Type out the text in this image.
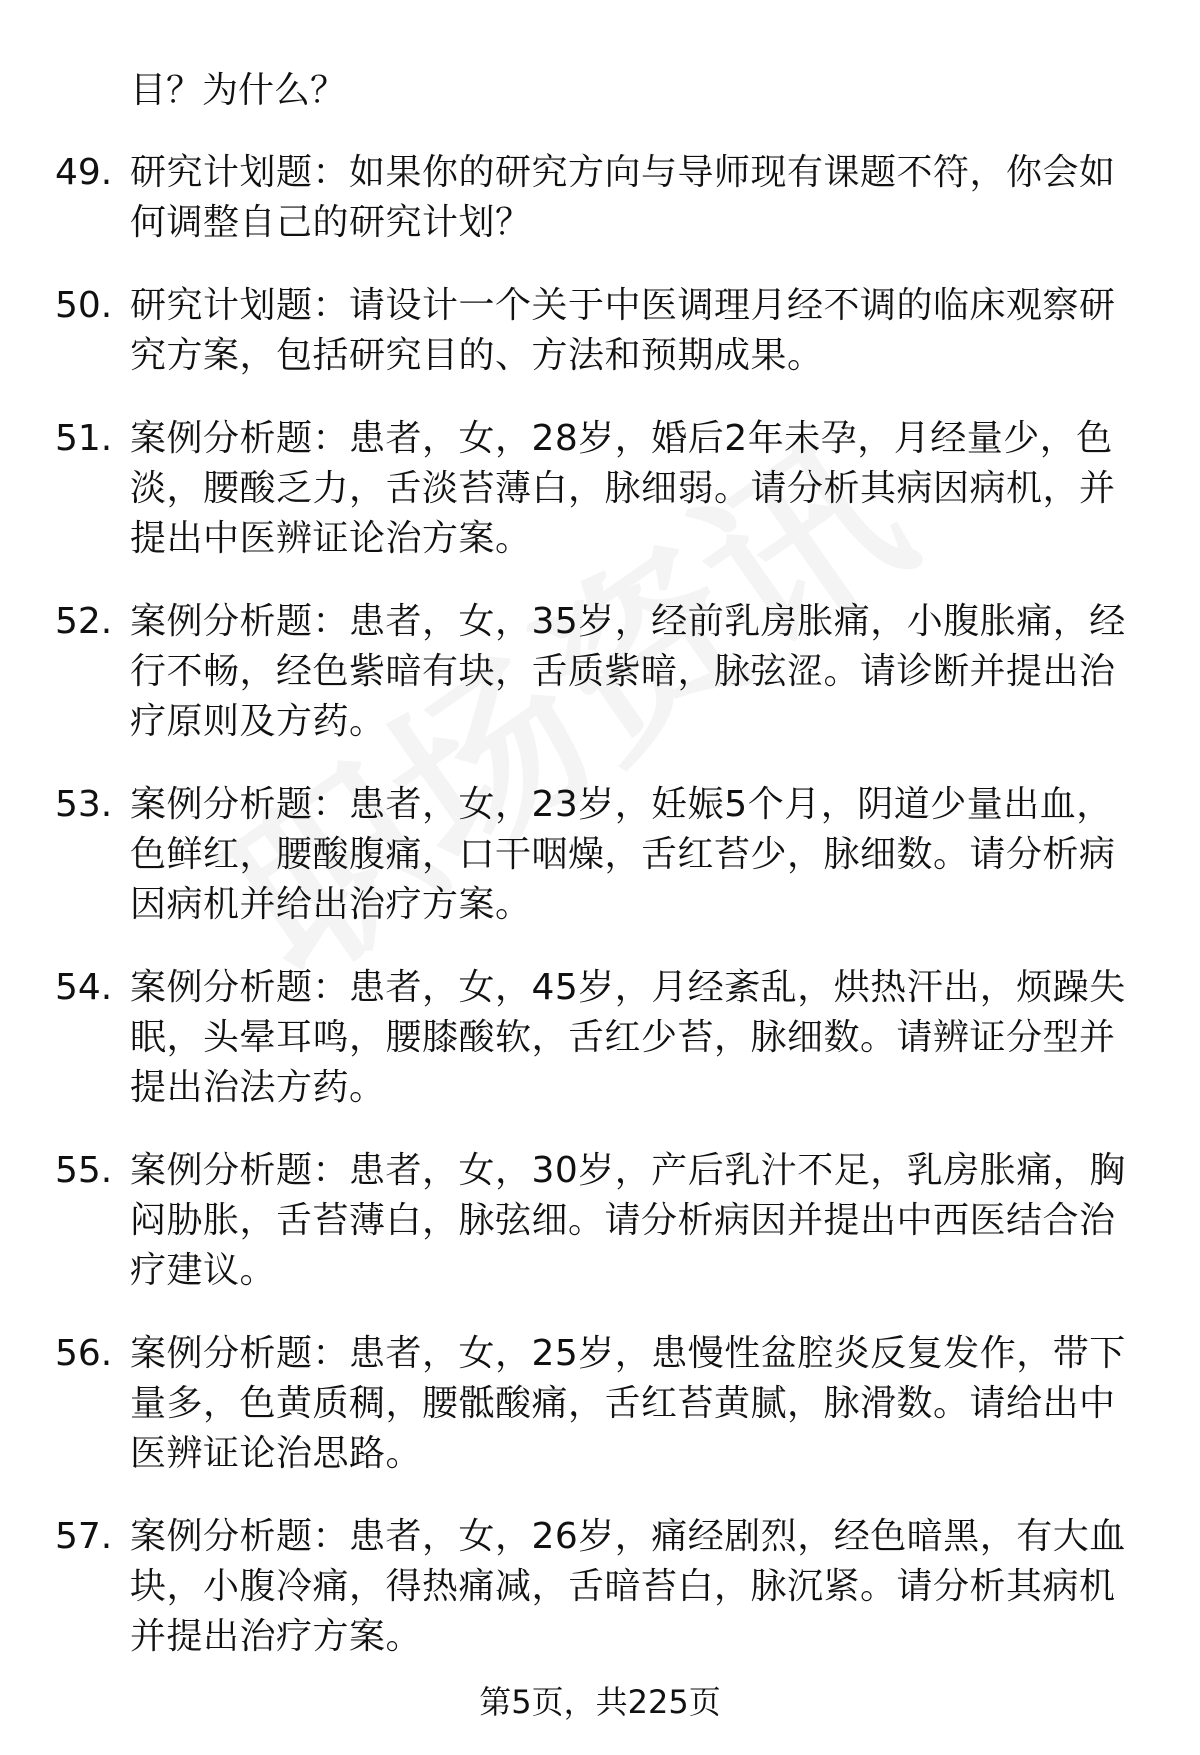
目？为什么？
49. 研究计划题：如果你的研究方向与导师现有课题不符，你会如何调整自己的研究计划？
50. 研究计划题：请设计一个关于中医调理月经不调的临床观察研究方案，包括研究目的、方法和预期成果。
51. 案例分析题：患者，女，28岁，婚后2年未孕，月经量少，色淡，腰酸乏力，舌淡苔薄白，脉细弱。请分析其病因病机，并提出中医辨证论治方案。
52. 案例分析题：患者，女，35岁，经前乳房胀痛，小腹胀痛，经行不畅，经色紫暗有块，舌质紫暗，脉弦涩。请诊断并提出治疗原则及方药。
53. 案例分析题：患者，女，23岁，妊娠5个月，阴道少量出血，色鲜红，腰酸腹痛，口干咽燥，舌红苔少，脉细数。请分析病因病机并给出治疗方案。
54. 案例分析题：患者，女，45岁，月经紊乱，烘热汗出，烦躁失眠，头晕耳鸣，腰膝酸软，舌红少苔，脉细数。请辨证分型并提出治法方药。
55. 案例分析题：患者，女，30岁，产后乳汁不足，乳房胀痛，胸闷胁胀，舌苔薄白，脉弦细。请分析病因并提出中西医结合治疗建议。
56. 案例分析题：患者，女，25岁，患慢性盆腔炎反复发作，带下量多，色黄质稠，腰骶酸痛，舌红苔黄腻，脉滑数。请给出中医辨证论治思路。
57. 案例分析题：患者，女，26岁，痛经剧烈，经色暗黑，有大血块，小腹冷痛，得热痛减，舌暗苔白，脉沉紧。请分析其病机并提出治疗方案。
第5页，共225页
